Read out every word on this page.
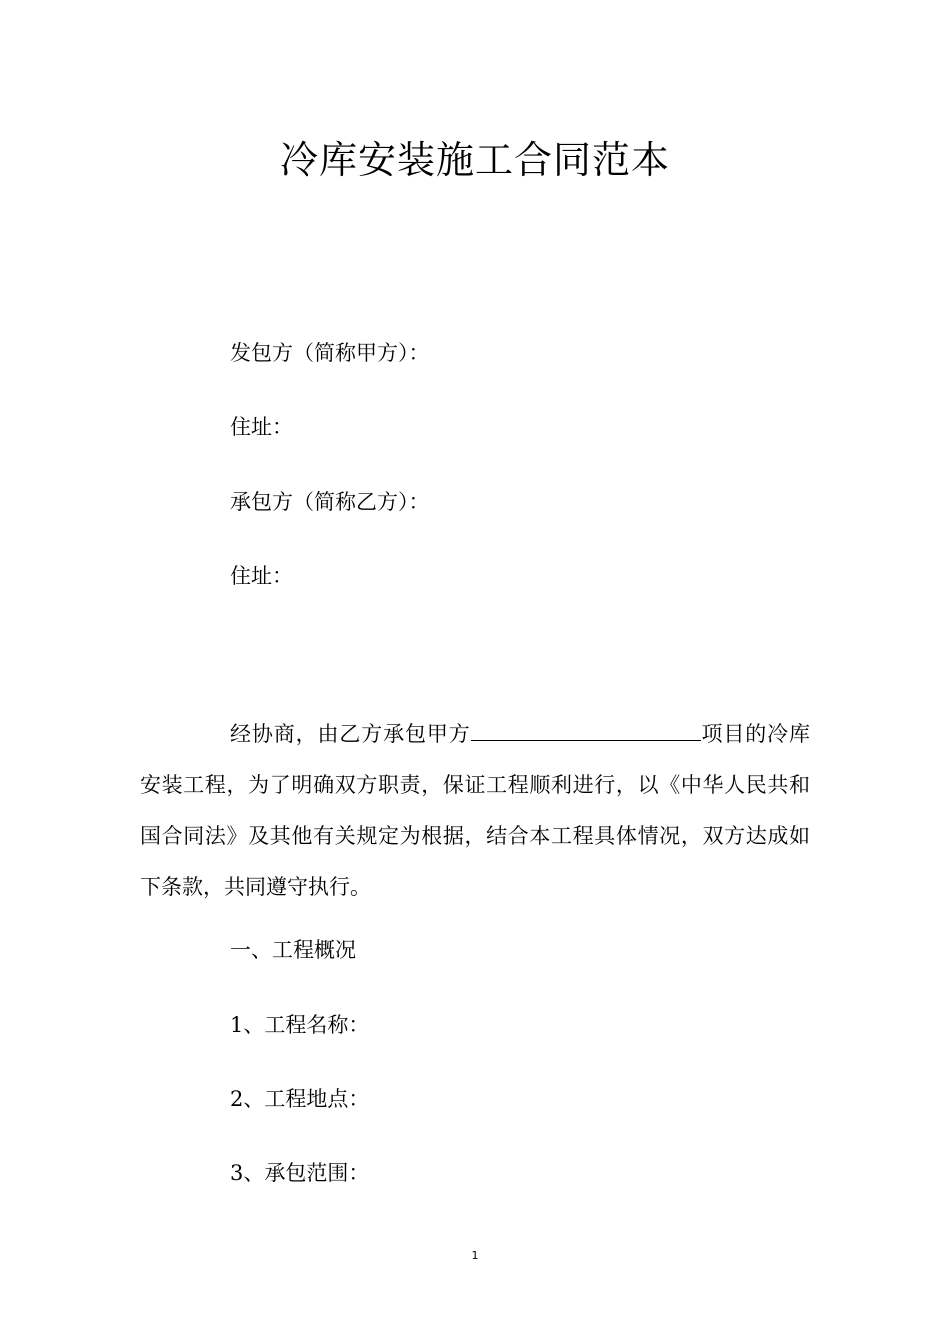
冷库安装施工合同范本
发包方（简称甲方）：
住址：
承包方（简称乙方）：
住址：
经协商，由乙方承包甲方	项目的冷库安装工程，为了明确双方职责，保证工程顺利进行，以《中华人民共和国合同法》及其他有关规定为根据，结合本工程具体情况，双方达成如下条款，共同遵守执行。
一、工程概况
1、工程名称：
2、工程地点：
3、承包范围：
1
